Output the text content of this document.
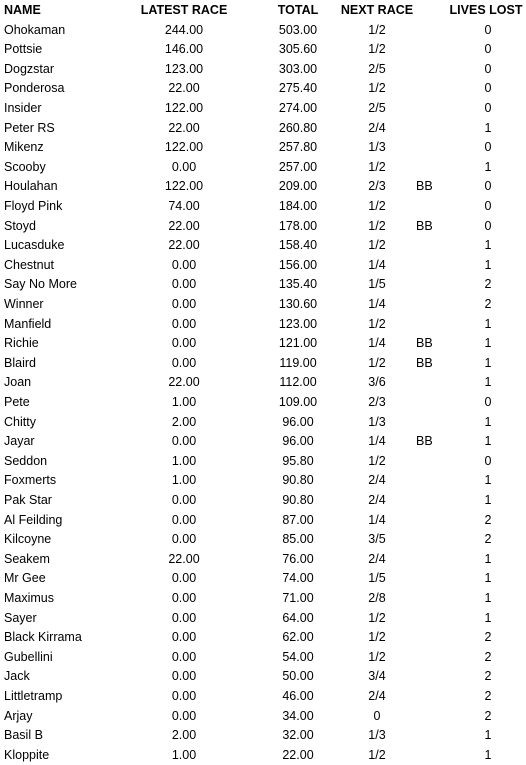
NAME	LATEST RACE	TOTAL	NEXT RACE	LIVES LOST
Ohokaman	244.00	503.00	1/2	0
Pottsie	146.00	305.60	1/2	0
Dogzstar	123.00	303.00	2/5	0
Ponderosa	22.00	275.40	1/2	0
Insider	122.00	274.00	2/5	0
Peter RS	22.00	260.80	2/4	1
Mikenz	122.00	257.80	1/3	0
Scooby	0.00	257.00	1/2	1
Houlahan	122.00	209.00	2/3	BB	0
Floyd Pink	74.00	184.00	1/2	0
Stoyd	22.00	178.00	1/2	BB	0
Lucasduke	22.00	158.40	1/2	1
Chestnut	0.00	156.00	1/4	1
Say No More	0.00	135.40	1/5	2
Winner	0.00	130.60	1/4	2
Manfield	0.00	123.00	1/2	1
Richie	0.00	121.00	1/4	BB	1
Blaird	0.00	119.00	1/2	BB	1
Joan	22.00	112.00	3/6	1
Pete	1.00	109.00	2/3	0
Chitty	2.00	96.00	1/3	1
Jayar	0.00	96.00	1/4	BB	1
Seddon	1.00	95.80	1/2	0
Foxmerts	1.00	90.80	2/4	1
Pak Star	0.00	90.80	2/4	1
Al Feilding	0.00	87.00	1/4	2
Kilcoyne	0.00	85.00	3/5	2
Seakem	22.00	76.00	2/4	1
Mr Gee	0.00	74.00	1/5	1
Maximus	0.00	71.00	2/8	1
Sayer	0.00	64.00	1/2	1
Black Kirrama	0.00	62.00	1/2	2
Gubellini	0.00	54.00	1/2	2
Jack	0.00	50.00	3/4	2
Littletramp	0.00	46.00	2/4	2
Arjay	0.00	34.00	0	2
Basil B	2.00	32.00	1/3	1
Kloppite	1.00	22.00	1/2	1
